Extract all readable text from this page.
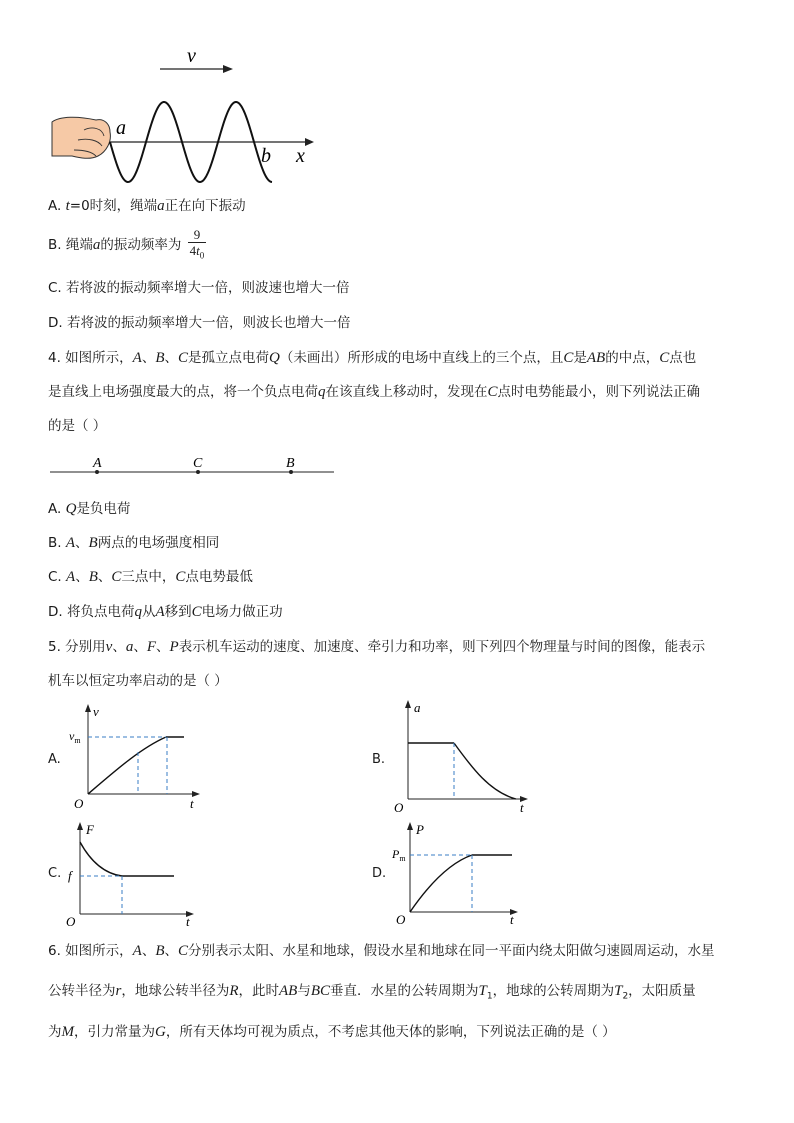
v
a
b x
A. t=0时刻，绳端a正在向下振动
B. 绳端a的振动频率为 $\frac{9}{4t_0}$
C. 若将波的振动频率增大一倍，则波速也增大一倍
D. 若将波的振动频率增大一倍，则波长也增大一倍
4. 如图所示，A、B、C是孤立点电荷Q（未画出）所形成的电场中直线上的三个点，且C是AB的中点，C点也
是直线上电场强度最大的点，将一个负点电荷q在该直线上移动时，发现在C点时电势能最小，则下列说法正确
的是（ ）
A	C	B
A. Q是负电荷
B. A、B两点的电场强度相同
C. A、B、C三点中，C点电势最低
D. 将负点电荷q从A移到C电场力做正功
5. 分别用v、a、F、P表示机车运动的速度、加速度、牵引力和功率，则下列四个物理量与时间的图像，能表示
机车以恒定功率启动的是（ ）
A.
v
$v_m$
O	t
B.
a
O	t
C.
F
f
O	t
D.
P
$P_m$
O	t
6. 如图所示，A、B、C分别表示太阳、水星和地球，假设水星和地球在同一平面内绕太阳做匀速圆周运动，水星
公转半径为r，地球公转半径为R，此时AB与BC垂直．水星的公转周期为$T_1$，地球的公转周期为$T_2$，太阳质量
为M，引力常量为G，所有天体均可视为质点，不考虑其他天体的影响，下列说法正确的是（ ）
